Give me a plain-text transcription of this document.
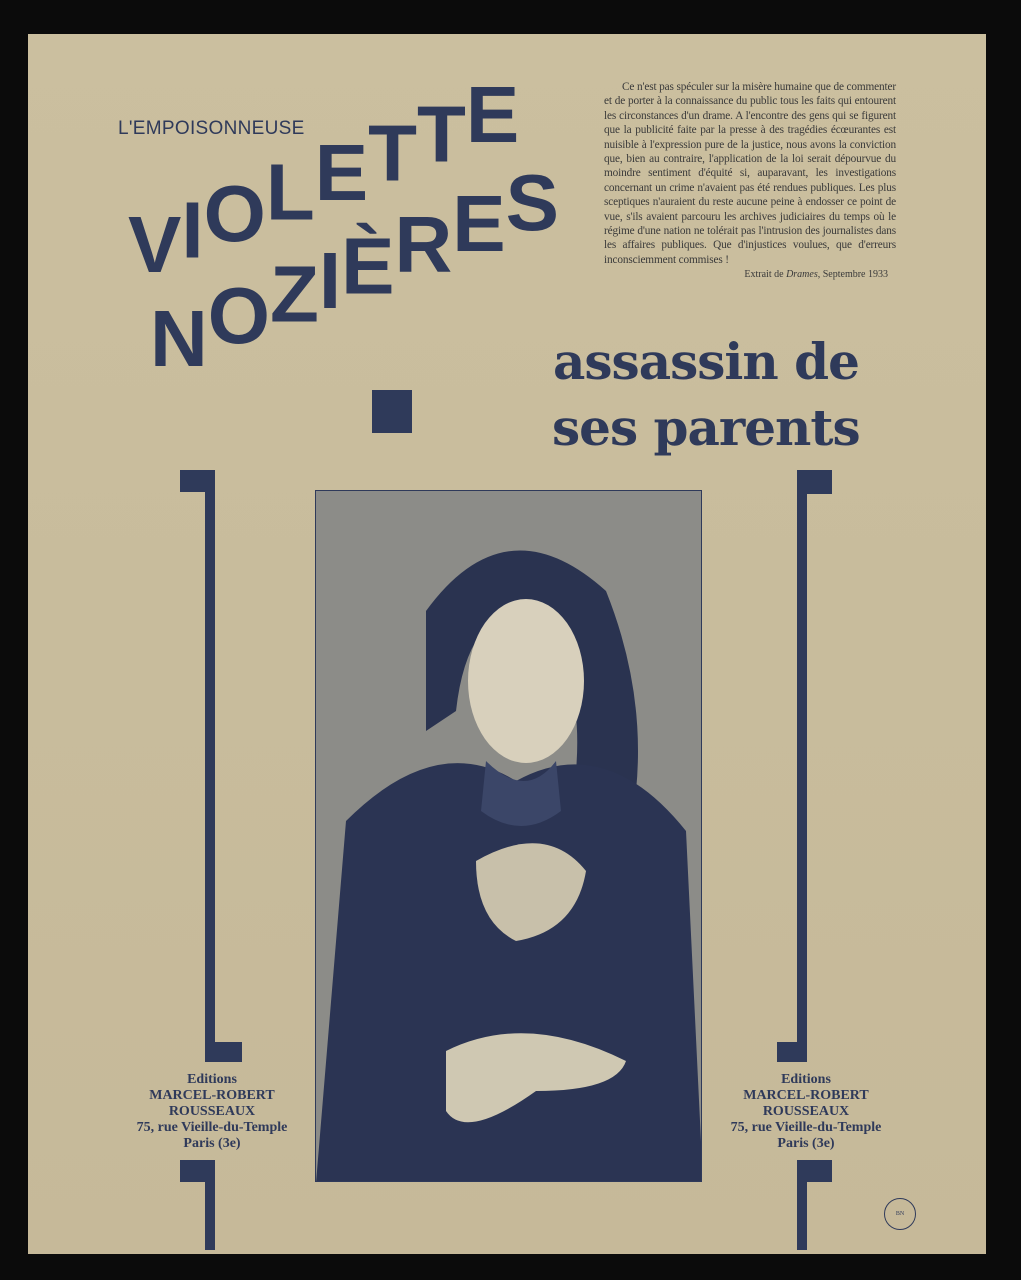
L'EMPOISONNEUSE
V I O L E T T E
N O Z I È R E S
Ce n'est pas spéculer sur la misère humaine que de commenter et de porter à la connaissance du public tous les faits qui entourent les circonstances d'un drame. A l'encontre des gens qui se figurent que la publicité faite par la presse à des tragédies écœurantes est nuisible à l'expression pure de la justice, nous avons la conviction que, bien au contraire, l'application de la loi serait dépourvue du moindre sentiment d'équité si, auparavant, les investigations concernant un crime n'avaient pas été rendues publiques. Les plus sceptiques n'auraient du reste aucune peine à endosser ce point de vue, s'ils avaient parcouru les archives judiciaires du temps où le régime d'une nation ne tolérait pas l'intrusion des journalistes dans les affaires publiques. Que d'injustices voulues, que d'erreurs inconsciemment commises !
Extrait de Drames, Septembre 1933
assassin de
ses parents
Editions
MARCEL-ROBERT
ROUSSEAUX
75, rue Vieille-du-Temple
Paris (3e)
Editions
MARCEL-ROBERT
ROUSSEAUX
75, rue Vieille-du-Temple
Paris (3e)
BN
